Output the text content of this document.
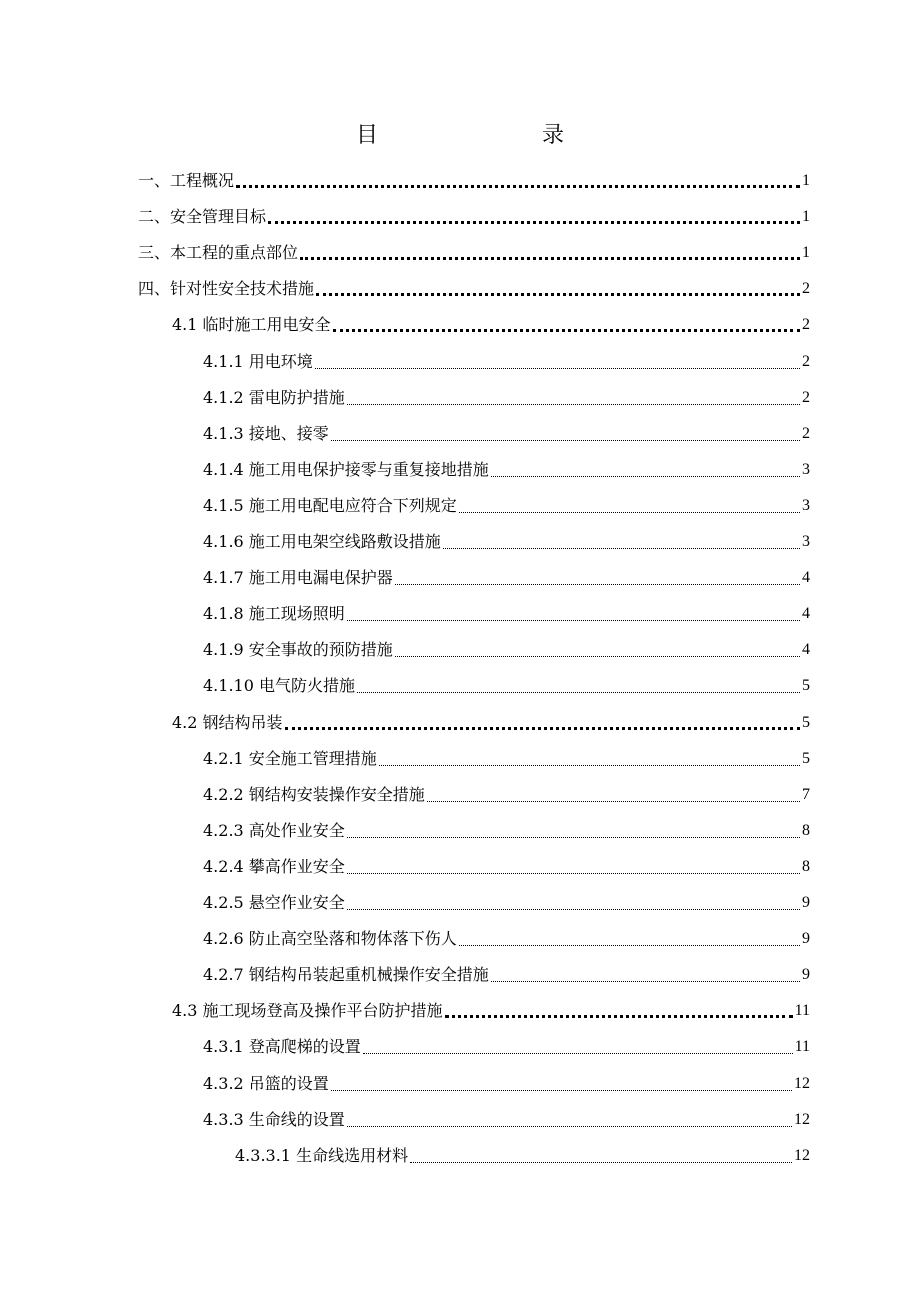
目　　录
一、工程概况	1
二、安全管理目标	1
三、本工程的重点部位	1
四、针对性安全技术措施	2
4.1 临时施工用电安全	2
4.1.1 用电环境	2
4.1.2 雷电防护措施	2
4.1.3 接地、接零	2
4.1.4 施工用电保护接零与重复接地措施	3
4.1.5 施工用电配电应符合下列规定	3
4.1.6 施工用电架空线路敷设措施	3
4.1.7 施工用电漏电保护器	4
4.1.8 施工现场照明	4
4.1.9 安全事故的预防措施	4
4.1.10 电气防火措施	5
4.2 钢结构吊装	5
4.2.1 安全施工管理措施	5
4.2.2 钢结构安装操作安全措施	7
4.2.3 高处作业安全	8
4.2.4 攀高作业安全	8
4.2.5 悬空作业安全	9
4.2.6 防止高空坠落和物体落下伤人	9
4.2.7 钢结构吊装起重机械操作安全措施	9
4.3 施工现场登高及操作平台防护措施	11
4.3.1 登高爬梯的设置	11
4.3.2 吊篮的设置	12
4.3.3 生命线的设置	12
4.3.3.1 生命线选用材料	12
